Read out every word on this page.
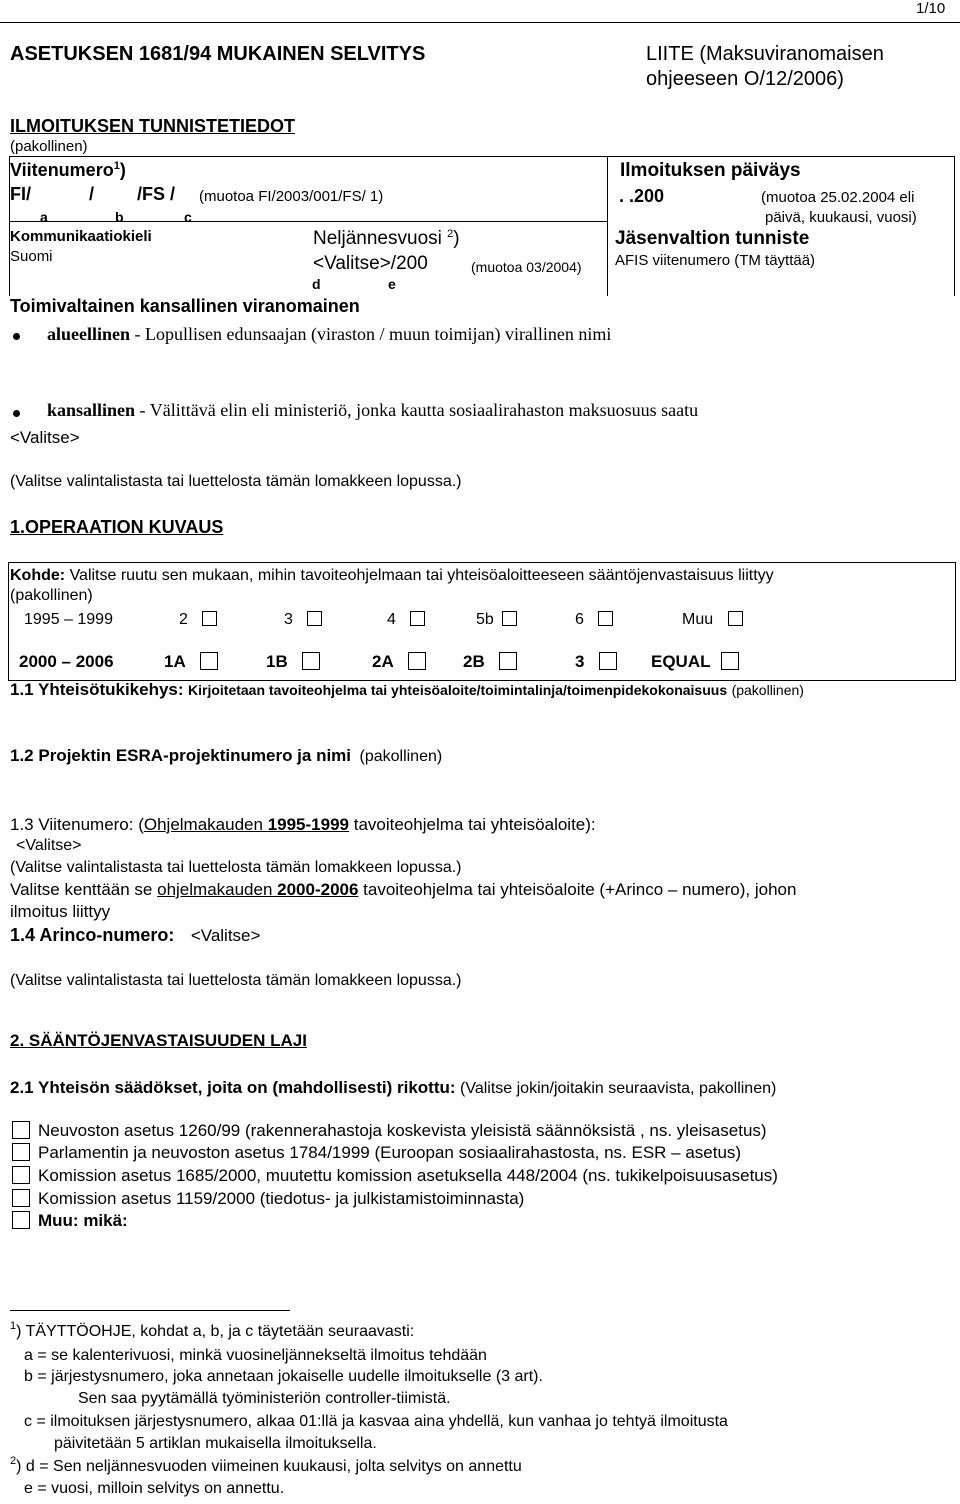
1/10
ASETUKSEN 1681/94 MUKAINEN SELVITYS	LIITE (Maksuviranomaisen
ohjeeseen O/12/2006)
ILMOITUKSEN TUNNISTETIEDOT
(pakollinen)
Viitenumero$^1$)
FI/	/ /FS / (muotoa FI/2003/001/FS/ 1)
a	b	c
Ilmoituksen päiväys
. .200	(muotoa 25.02.2004 eli
päivä, kuukausi, vuosi)
Kommunikaatiokieli
Suomi
Neljännesvuosi $^2$)
<Valitse>/200	(muotoa 03/2004)
d	e
Jäsenvaltion tunniste
AFIS viitenumero (TM täyttää)
Toimivaltainen kansallinen viranomainen
alueellinen - Lopullisen edunsaajan (viraston / muun toimijan) virallinen nimi
kansallinen - Välittävä elin eli ministeriö, jonka kautta sosiaalirahaston maksuosuus saatu
<Valitse>
(Valitse valintalistasta tai luettelosta tämän lomakkeen lopussa.)
1.OPERAATION KUVAUS
Kohde: Valitse ruutu sen mukaan, mihin tavoiteohjelmaan tai yhteisöaloitteeseen sääntöjenvastaisuus liittyy
(pakollinen)
1995 – 1999	2	3	4	5b	6	Muu
2000 – 2006	1A	1B	2A	2B	3	EQUAL
1.1 Yhteisötukikehys: Kirjoitetaan tavoiteohjelma tai yhteisöaloite/toimintalinja/toimenpidekokonaisuus (pakollinen)
1.2 Projektin ESRA-projektinumero ja nimi (pakollinen)
1.3 Viitenumero: (Ohjelmakauden 1995-1999 tavoiteohjelma tai yhteisöaloite):
<Valitse>
(Valitse valintalistasta tai luettelosta tämän lomakkeen lopussa.)
Valitse kenttään se ohjelmakauden 2000-2006 tavoiteohjelma tai yhteisöaloite (+Arinco – numero), johon
ilmoitus liittyy
1.4 Arinco-numero: <Valitse>
(Valitse valintalistasta tai luettelosta tämän lomakkeen lopussa.)
2. SÄÄNTÖJENVASTAISUUDEN LAJI
2.1 Yhteisön säädökset, joita on (mahdollisesti) rikottu: (Valitse jokin/joitakin seuraavista, pakollinen)
Neuvoston asetus 1260/99 (rakennerahastoja koskevista yleisistä säännöksistä , ns. yleisasetus)
Parlamentin ja neuvoston asetus 1784/1999 (Euroopan sosiaalirahastosta, ns. ESR – asetus)
Komission asetus 1685/2000, muutettu komission asetuksella 448/2004 (ns. tukikelpoisuusasetus)
Komission asetus 1159/2000 (tiedotus- ja julkistamistoiminnasta)
Muu: mikä:
$^1$) TÄYTTÖOHJE, kohdat a, b, ja c täytetään seuraavasti:
a = se kalenterivuosi, minkä vuosineljännekseltä ilmoitus tehdään
b = järjestysnumero, joka annetaan jokaiselle uudelle ilmoitukselle (3 art).
Sen saa pyytämällä työministeriön controller-tiimistä.
c = ilmoituksen järjestysnumero, alkaa 01:llä ja kasvaa aina yhdellä, kun vanhaa jo tehtyä ilmoitusta
päivitetään 5 artiklan mukaisella ilmoituksella.
$^2$) d = Sen neljännesvuoden viimeinen kuukausi, jolta selvitys on annettu
e = vuosi, milloin selvitys on annettu.
